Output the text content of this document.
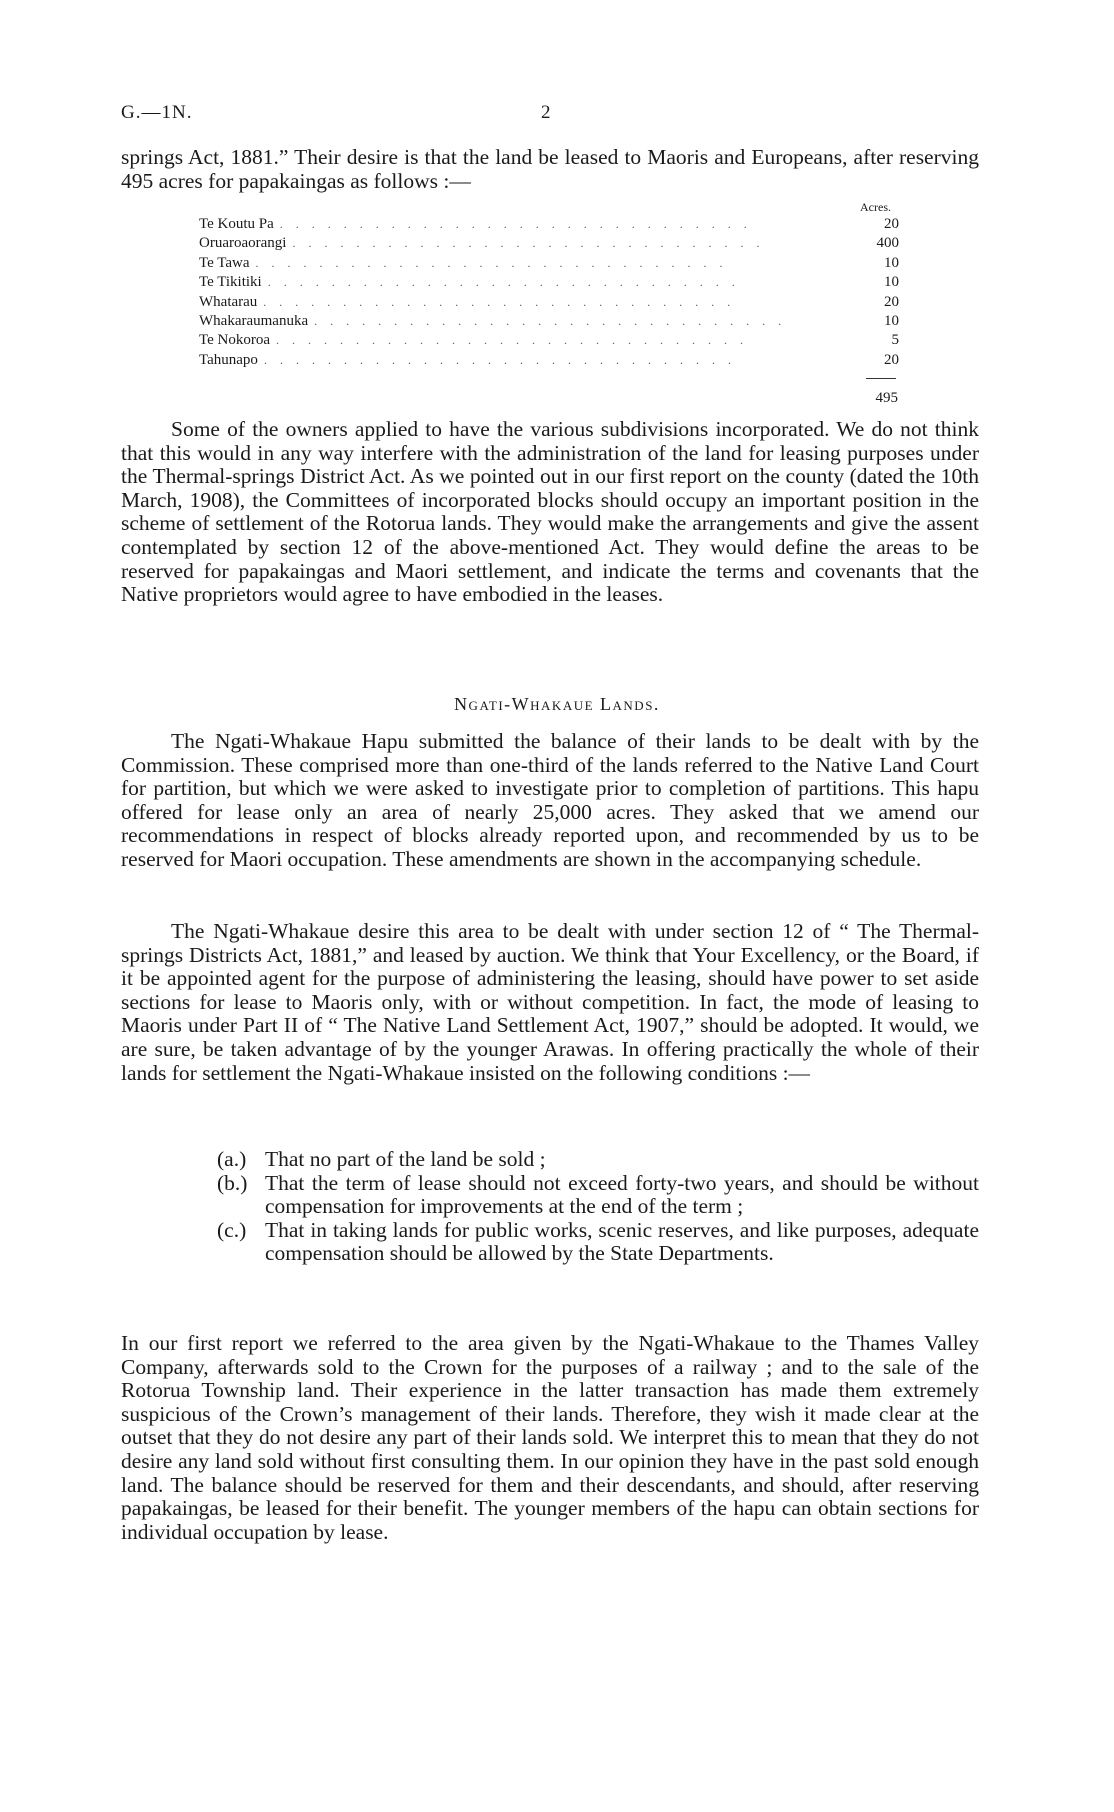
G.—1N.	2

springs Act, 1881.” Their desire is that the land be leased to Maoris and Europeans, after reserving 495 acres for papakaingas as follows :—

Acres.
Te Koutu Pa . . . . . . . . . . . . . . . . . . . . . . . . . . . . . .	20
Oruaroaorangi . . . . . . . . . . . . . . . . . . . . . . . . . . . . . .	400
Te Tawa . . . . . . . . . . . . . . . . . . . . . . . . . . . . . .	10
Te Tikitiki . . . . . . . . . . . . . . . . . . . . . . . . . . . . . .	10
Whatarau . . . . . . . . . . . . . . . . . . . . . . . . . . . . . .	20
Whakaraumanuka . . . . . . . . . . . . . . . . . . . . . . . . . . . . . .	10
Te Nokoroa . . . . . . . . . . . . . . . . . . . . . . . . . . . . . .	5
Tahunapo . . . . . . . . . . . . . . . . . . . . . . . . . . . . . .	20
495

Some of the owners applied to have the various subdivisions incorporated. We do not think that this would in any way interfere with the administration of the land for leasing purposes under the Thermal-springs District Act. As we pointed out in our first report on the county (dated the 10th March, 1908), the Committees of incorporated blocks should occupy an important position in the scheme of settlement of the Rotorua lands. They would make the arrangements and give the assent contemplated by section 12 of the above-mentioned Act. They would define the areas to be reserved for papakaingas and Maori settlement, and indicate the terms and covenants that the Native proprietors would agree to have embodied in the leases.

Ngati-Whakaue Lands.

The Ngati-Whakaue Hapu submitted the balance of their lands to be dealt with by the Commission. These comprised more than one-third of the lands referred to the Native Land Court for partition, but which we were asked to investigate prior to completion of partitions. This hapu offered for lease only an area of nearly 25,000 acres. They asked that we amend our recommendations in respect of blocks already reported upon, and recommended by us to be reserved for Maori occupation. These amendments are shown in the accompanying schedule.

The Ngati-Whakaue desire this area to be dealt with under section 12 of “ The Thermal-springs Districts Act, 1881,” and leased by auction. We think that Your Excellency, or the Board, if it be appointed agent for the purpose of administering the leasing, should have power to set aside sections for lease to Maoris only, with or without competition. In fact, the mode of leasing to Maoris under Part II of “ The Native Land Settlement Act, 1907,” should be adopted. It would, we are sure, be taken advantage of by the younger Arawas. In offering practically the whole of their lands for settlement the Ngati-Whakaue insisted on the following conditions :—

(a.) That no part of the land be sold ;
(b.) That the term of lease should not exceed forty-two years, and should be without compensation for improvements at the end of the term ;
(c.) That in taking lands for public works, scenic reserves, and like purposes, adequate compensation should be allowed by the State Departments.

In our first report we referred to the area given by the Ngati-Whakaue to the Thames Valley Company, afterwards sold to the Crown for the purposes of a railway ; and to the sale of the Rotorua Township land. Their experience in the latter transaction has made them extremely suspicious of the Crown’s management of their lands. Therefore, they wish it made clear at the outset that they do not desire any part of their lands sold. We interpret this to mean that they do not desire any land sold without first consulting them. In our opinion they have in the past sold enough land. The balance should be reserved for them and their descendants, and should, after reserving papakaingas, be leased for their benefit. The younger members of the hapu can obtain sections for individual occupation by lease.
